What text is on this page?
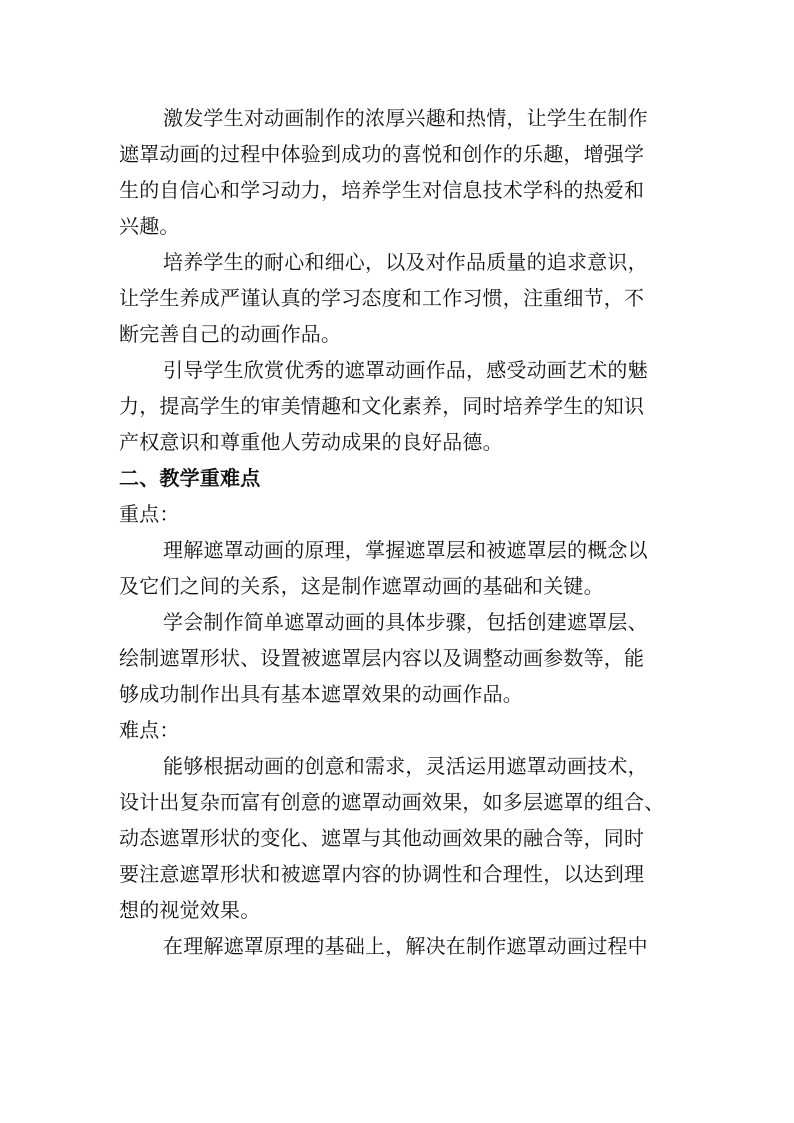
激发学生对动画制作的浓厚兴趣和热情，让学生在制作
遮罩动画的过程中体验到成功的喜悦和创作的乐趣，增强学
生的自信心和学习动力，培养学生对信息技术学科的热爱和
兴趣。
培养学生的耐心和细心，以及对作品质量的追求意识，
让学生养成严谨认真的学习态度和工作习惯，注重细节，不
断完善自己的动画作品。
引导学生欣赏优秀的遮罩动画作品，感受动画艺术的魅
力，提高学生的审美情趣和文化素养，同时培养学生的知识
产权意识和尊重他人劳动成果的良好品德。
二、教学重难点
重点：
理解遮罩动画的原理，掌握遮罩层和被遮罩层的概念以
及它们之间的关系，这是制作遮罩动画的基础和关键。
学会制作简单遮罩动画的具体步骤，包括创建遮罩层、
绘制遮罩形状、设置被遮罩层内容以及调整动画参数等，能
够成功制作出具有基本遮罩效果的动画作品。
难点：
能够根据动画的创意和需求，灵活运用遮罩动画技术，
设计出复杂而富有创意的遮罩动画效果，如多层遮罩的组合、
动态遮罩形状的变化、遮罩与其他动画效果的融合等，同时
要注意遮罩形状和被遮罩内容的协调性和合理性，以达到理
想的视觉效果。
在理解遮罩原理的基础上，解决在制作遮罩动画过程中
